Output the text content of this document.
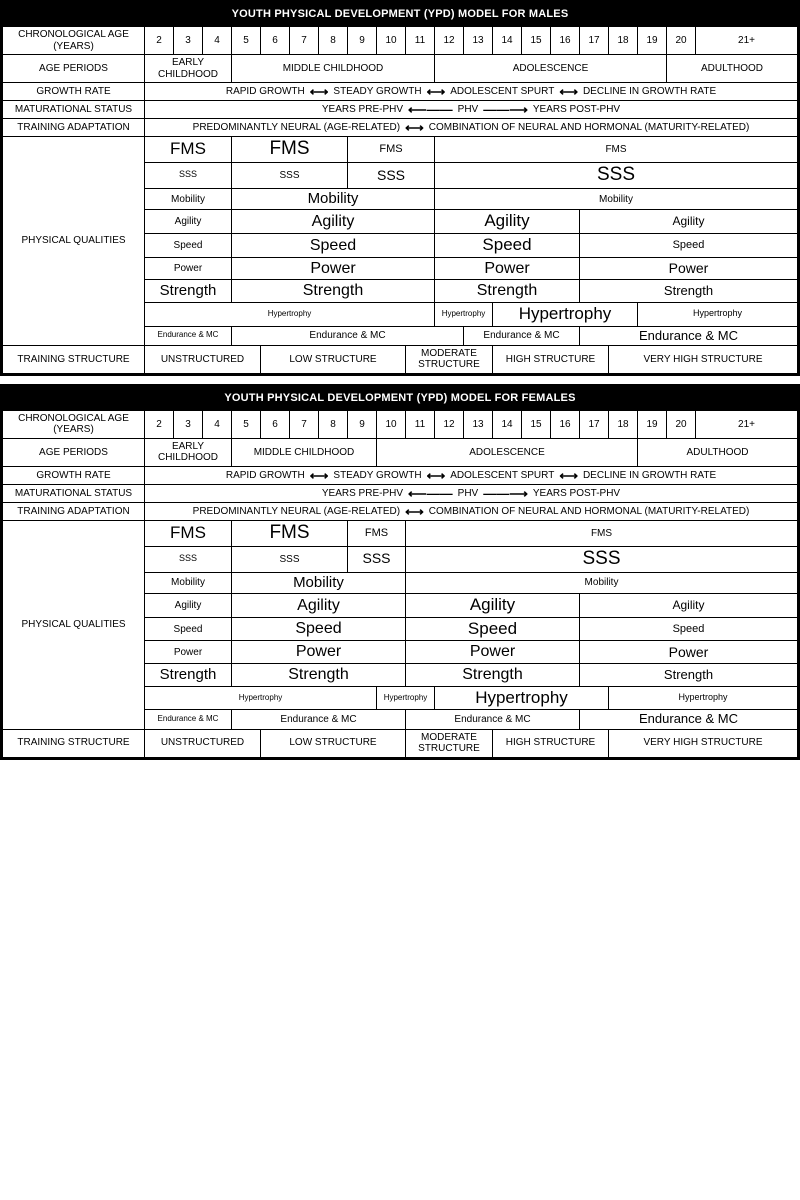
YOUTH PHYSICAL DEVELOPMENT (YPD) MODEL FOR MALES
CHRONOLOGICAL AGE (YEARS)	2	3	4	5	6	7	8	9	10	11	12	13	14	15	16	17	18	19	20	21+
AGE PERIODS	EARLY CHILDHOOD			MIDDLE CHILDHOOD							ADOLESCENCE								ADULTHOOD	
GROWTH RATE	RAPID GROWTH ⟷ STEADY GROWTH ⟷ ADOLESCENT SPURT ⟷ DECLINE IN GROWTH RATE

MATURATIONAL STATUS	YEARS PRE-PHV ⟵—— PHV ——⟶ YEARS POST-PHV																			

TRAINING ADAPTATION	PREDOMINANTLY NEURAL (AGE-RELATED) ⟷ COMBINATION OF NEURAL AND HORMONAL (MATURITY-RELATED)																			

PHYSICAL QUALITIES	FMS			FMS				FMS			FMS									

SSS			SSS				SSS			SSS									

Mobility			Mobility							Mobility									

Agility			Agility							Agility					Agility				

Speed			Speed							Speed					Speed				

Power			Power							Power					Power				

Strength			Strength							Strength					Strength				

Hypertrophy										Hypertrophy		Hypertrophy					Hypertrophy		

Endurance & MC			Endurance & MC								Endurance & MC				Endurance & MC				

TRAINING STRUCTURE	UNSTRUCTURED				LOW STRUCTURE					MODERATE STRUCTURE			HIGH STRUCTURE				VERY HIGH STRUCTURE			
YOUTH PHYSICAL DEVELOPMENT (YPD) MODEL FOR FEMALES
CHRONOLOGICAL AGE (YEARS)	2	3	4	5	6	7	8	9	10	11	12	13	14	15	16	17	18	19	20	21+
AGE PERIODS	EARLY CHILDHOOD			MIDDLE CHILDHOOD					ADOLESCENCE									ADULTHOOD		
GROWTH RATE	RAPID GROWTH ⟷ STEADY GROWTH ⟷ ADOLESCENT SPURT ⟷ DECLINE IN GROWTH RATE

MATURATIONAL STATUS	YEARS PRE-PHV ⟵—— PHV ——⟶ YEARS POST-PHV																			

TRAINING ADAPTATION	PREDOMINANTLY NEURAL (AGE-RELATED) ⟷ COMBINATION OF NEURAL AND HORMONAL (MATURITY-RELATED)																			

PHYSICAL QUALITIES	FMS			FMS				FMS		FMS										

SSS			SSS				SSS		SSS										

Mobility			Mobility						Mobility										

Agility			Agility						Agility						Agility				

Speed			Speed						Speed						Speed				

Power			Power						Power						Power				

Strength			Strength						Strength						Strength				

Hypertrophy								Hypertrophy		Hypertrophy						Hypertrophy			

Endurance & MC			Endurance & MC						Endurance & MC						Endurance & MC				

TRAINING STRUCTURE	UNSTRUCTURED				LOW STRUCTURE					MODERATE STRUCTURE			HIGH STRUCTURE				VERY HIGH STRUCTURE			
